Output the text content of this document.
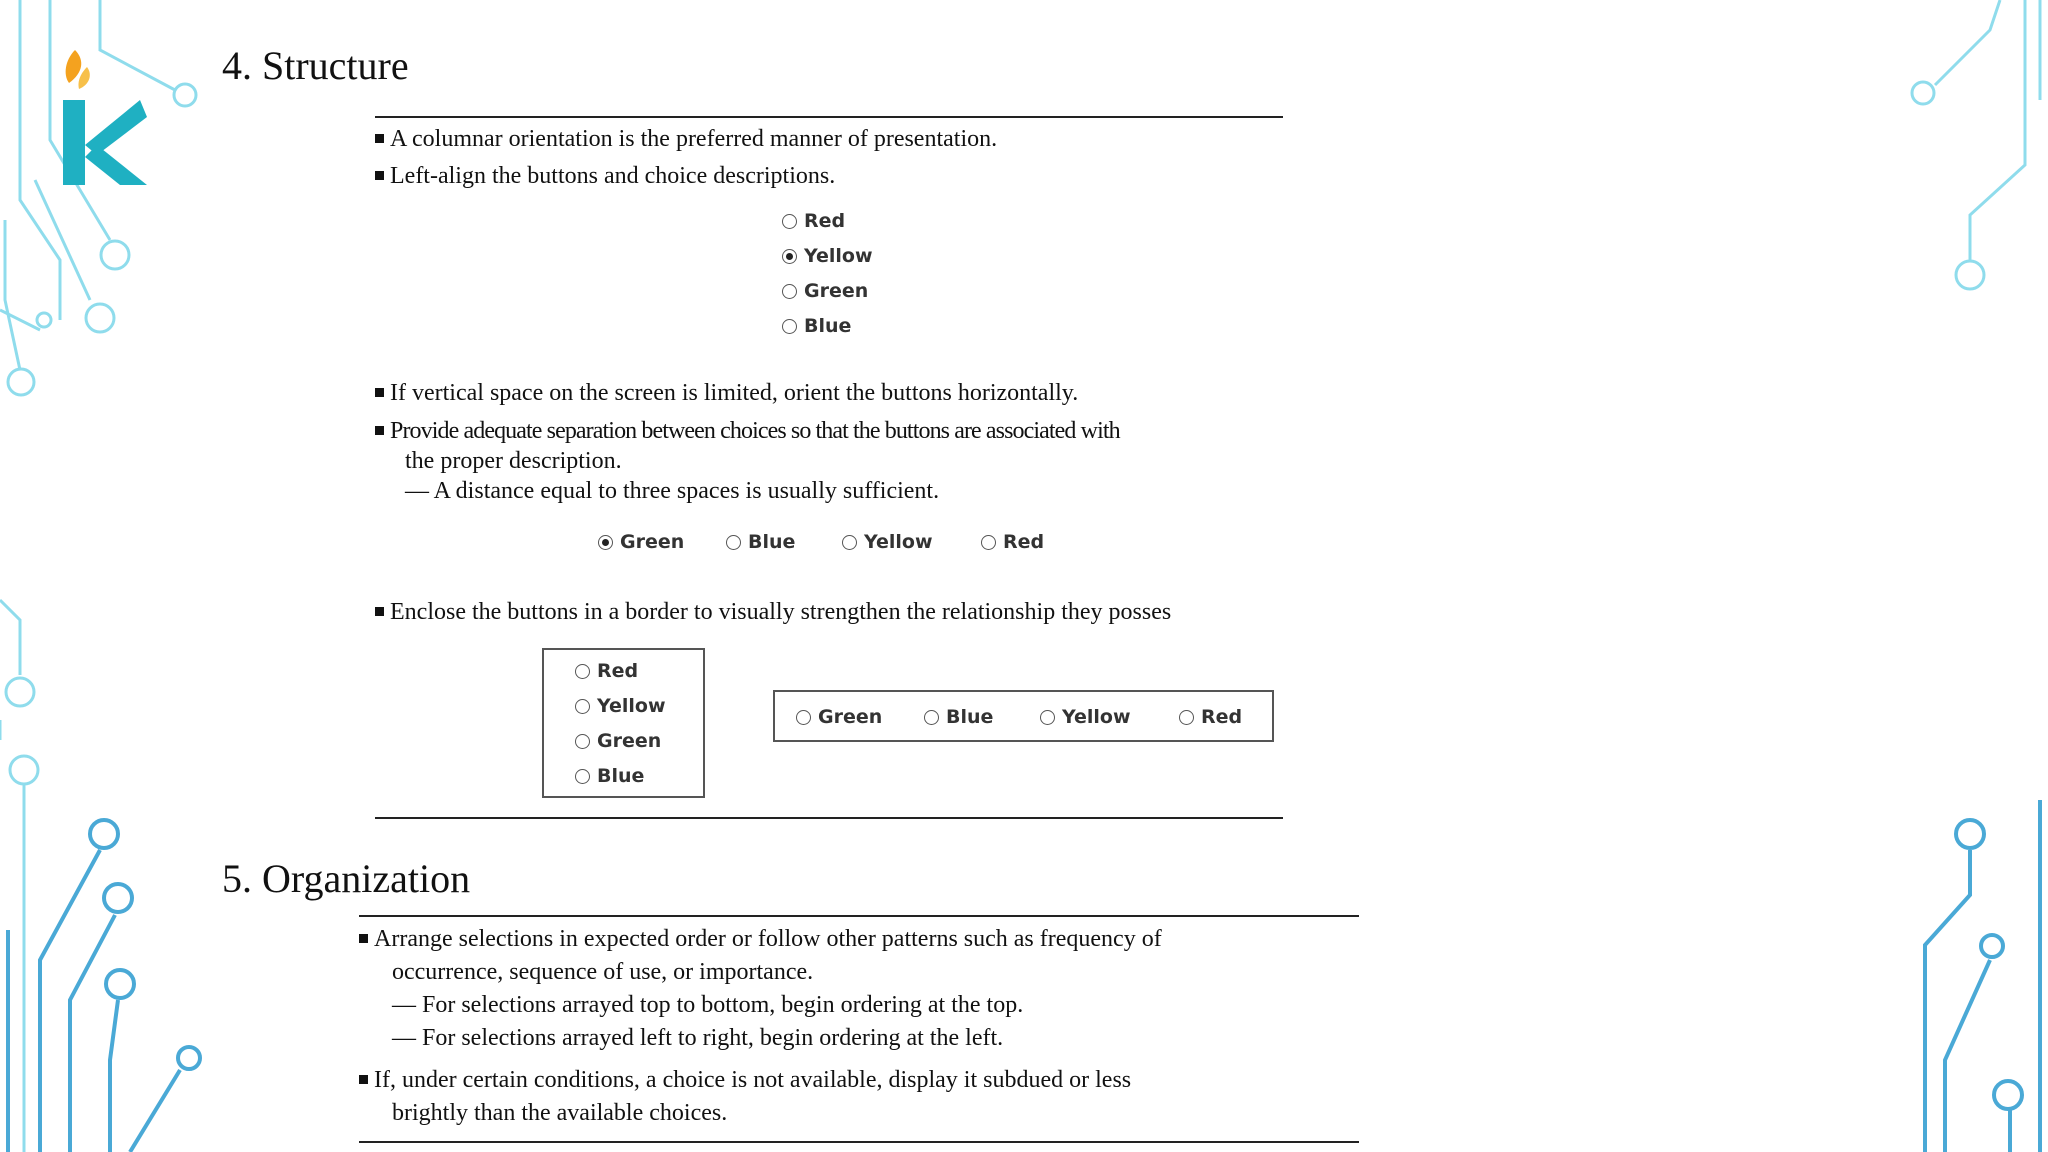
4. Structure
A columnar orientation is the preferred manner of presentation.
Left-align the buttons and choice descriptions.
Red
Yellow
Green
Blue
If vertical space on the screen is limited, orient the buttons horizontally.
Provide adequate separation between choices so that the buttons are associated with
the proper description.
— A distance equal to three spaces is usually sufficient.
Green	Blue	Yellow	Red
Enclose the buttons in a border to visually strengthen the relationship they posses
Red
Yellow
Green
Blue
Green	Blue	Yellow	Red
5. Organization
Arrange selections in expected order or follow other patterns such as frequency of
occurrence, sequence of use, or importance.
— For selections arrayed top to bottom, begin ordering at the top.
— For selections arrayed left to right, begin ordering at the left.
If, under certain conditions, a choice is not available, display it subdued or less
brightly than the available choices.
